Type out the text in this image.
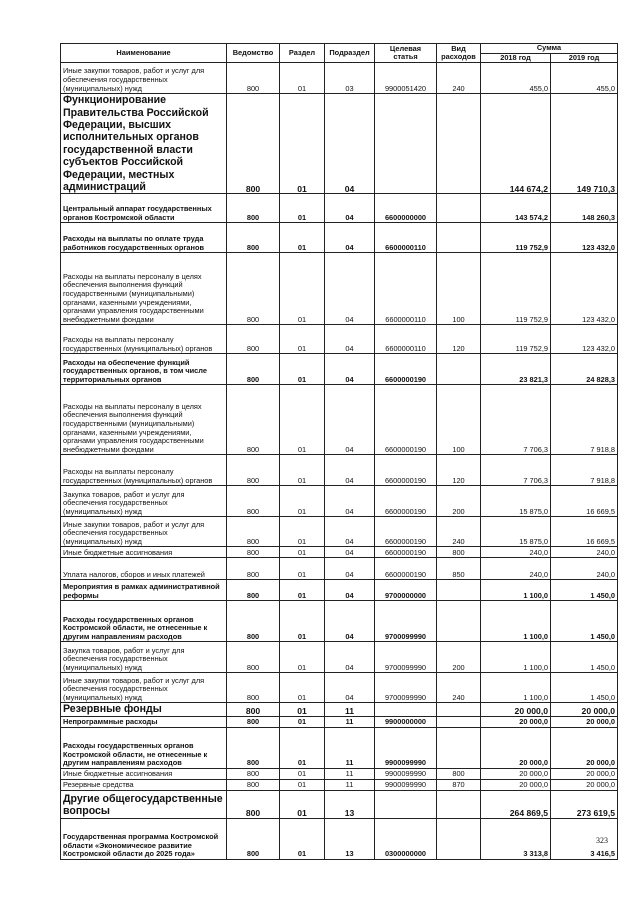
Наименование	Ведомство	Раздел	Подраздел	Целевая статья	Вид расходов	Сумма	
						2018 год	2019 год
Иные закупки товаров, работ и услуг для обеспечения государственных (муниципальных) нужд	800	01	03	9900051420	240	455,0	455,0
Функционирование Правительства Российской Федерации, высших исполнительных органов государственной власти субъектов Российской Федерации, местных администраций	800	01	04			144 674,2	149 710,3
Центральный аппарат государственных органов Костромской области	800	01	04	6600000000		143 574,2	148 260,3
Расходы на выплаты по оплате труда работников государственных органов	800	01	04	6600000110		119 752,9	123 432,0
Расходы на выплаты персоналу в целях обеспечения выполнения функций государственными (муниципальными) органами, казенными учреждениями, органами управления государственными внебюджетными фондами	800	01	04	6600000110	100	119 752,9	123 432,0
Расходы на выплаты персоналу государственных (муниципальных) органов	800	01	04	6600000110	120	119 752,9	123 432,0
Расходы на обеспечение функций государственных органов, в том числе территориальных органов	800	01	04	6600000190		23 821,3	24 828,3
Расходы на выплаты персоналу в целях обеспечения выполнения функций государственными (муниципальными) органами, казенными учреждениями, органами управления государственными внебюджетными фондами	800	01	04	6600000190	100	7 706,3	7 918,8
Расходы на выплаты персоналу государственных (муниципальных) органов	800	01	04	6600000190	120	7 706,3	7 918,8
Закупка товаров, работ и услуг для обеспечения государственных (муниципальных) нужд	800	01	04	6600000190	200	15 875,0	16 669,5
Иные закупки товаров, работ и услуг для обеспечения государственных (муниципальных) нужд	800	01	04	6600000190	240	15 875,0	16 669,5
Иные бюджетные ассигнования	800	01	04	6600000190	800	240,0	240,0
Уплата налогов, сборов и иных платежей	800	01	04	6600000190	850	240,0	240,0
Мероприятия в рамках административной реформы	800	01	04	9700000000		1 100,0	1 450,0
Расходы государственных органов Костромской области, не отнесенные к другим направлениям расходов	800	01	04	9700099990		1 100,0	1 450,0
Закупка товаров, работ и услуг для обеспечения государственных (муниципальных) нужд	800	01	04	9700099990	200	1 100,0	1 450,0
Иные закупки товаров, работ и услуг для обеспечения государственных (муниципальных) нужд	800	01	04	9700099990	240	1 100,0	1 450,0
Резервные фонды	800	01	11			20 000,0	20 000,0
Непрограммные расходы	800	01	11	9900000000		20 000,0	20 000,0
Расходы государственных органов Костромской области, не отнесенные к другим направлениям расходов	800	01	11	9900099990		20 000,0	20 000,0
Иные бюджетные ассигнования	800	01	11	9900099990	800	20 000,0	20 000,0
Резервные средства	800	01	11	9900099990	870	20 000,0	20 000,0
Другие общегосударственные вопросы	800	01	13			264 869,5	273 619,5
Государственная программа Костромской области «Экономическое развитие Костромской области до 2025 года»	800	01	13	0300000000		3 313,8	3 416,5
323
